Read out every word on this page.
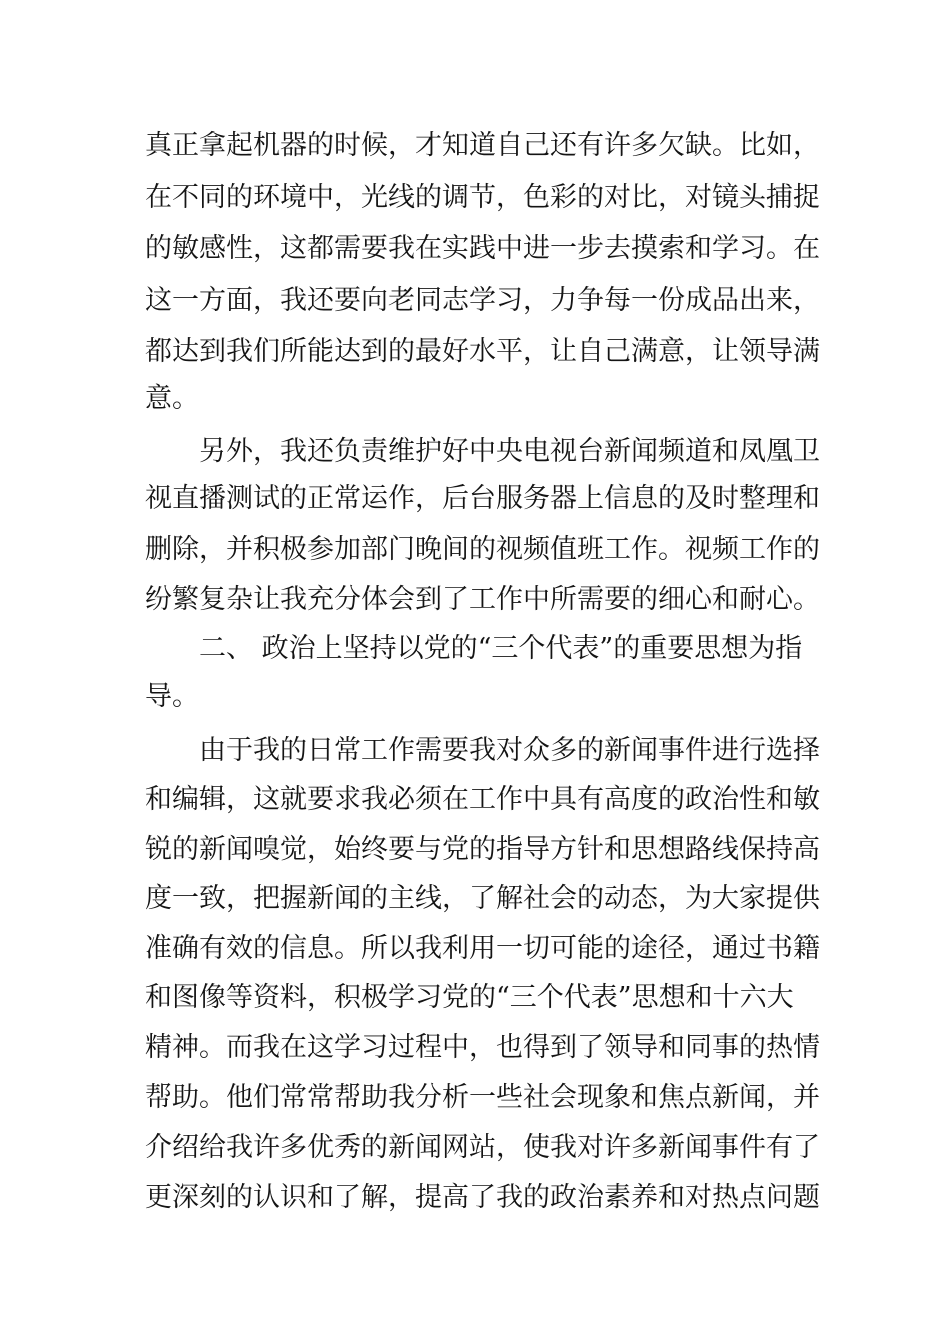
真正拿起机器的时候，才知道自己还有许多欠缺。比如，

在不同的环境中，光线的调节，色彩的对比，对镜头捕捉

的敏感性，这都需要我在实践中进一步去摸索和学习。在

这一方面，我还要向老同志学习，力争每一份成品出来，

都达到我们所能达到的最好水平，让自己满意，让领导满

意。

另外，我还负责维护好中央电视台新闻频道和凤凰卫

视直播测试的正常运作，后台服务器上信息的及时整理和

删除，并积极参加部门晚间的视频值班工作。视频工作的

纷繁复杂让我充分体会到了工作中所需要的细心和耐心。

二、 政治上坚持以党的“三个代表”的重要思想为指

导。

由于我的日常工作需要我对众多的新闻事件进行选择

和编辑，这就要求我必须在工作中具有高度的政治性和敏

锐的新闻嗅觉，始终要与党的指导方针和思想路线保持高

度一致，把握新闻的主线，了解社会的动态，为大家提供

准确有效的信息。所以我利用一切可能的途径，通过书籍

和图像等资料，积极学习党的“三个代表”思想和十六大

精神。而我在这学习过程中，也得到了领导和同事的热情

帮助。他们常常帮助我分析一些社会现象和焦点新闻，并

介绍给我许多优秀的新闻网站，使我对许多新闻事件有了

更深刻的认识和了解，提高了我的政治素养和对热点问题
